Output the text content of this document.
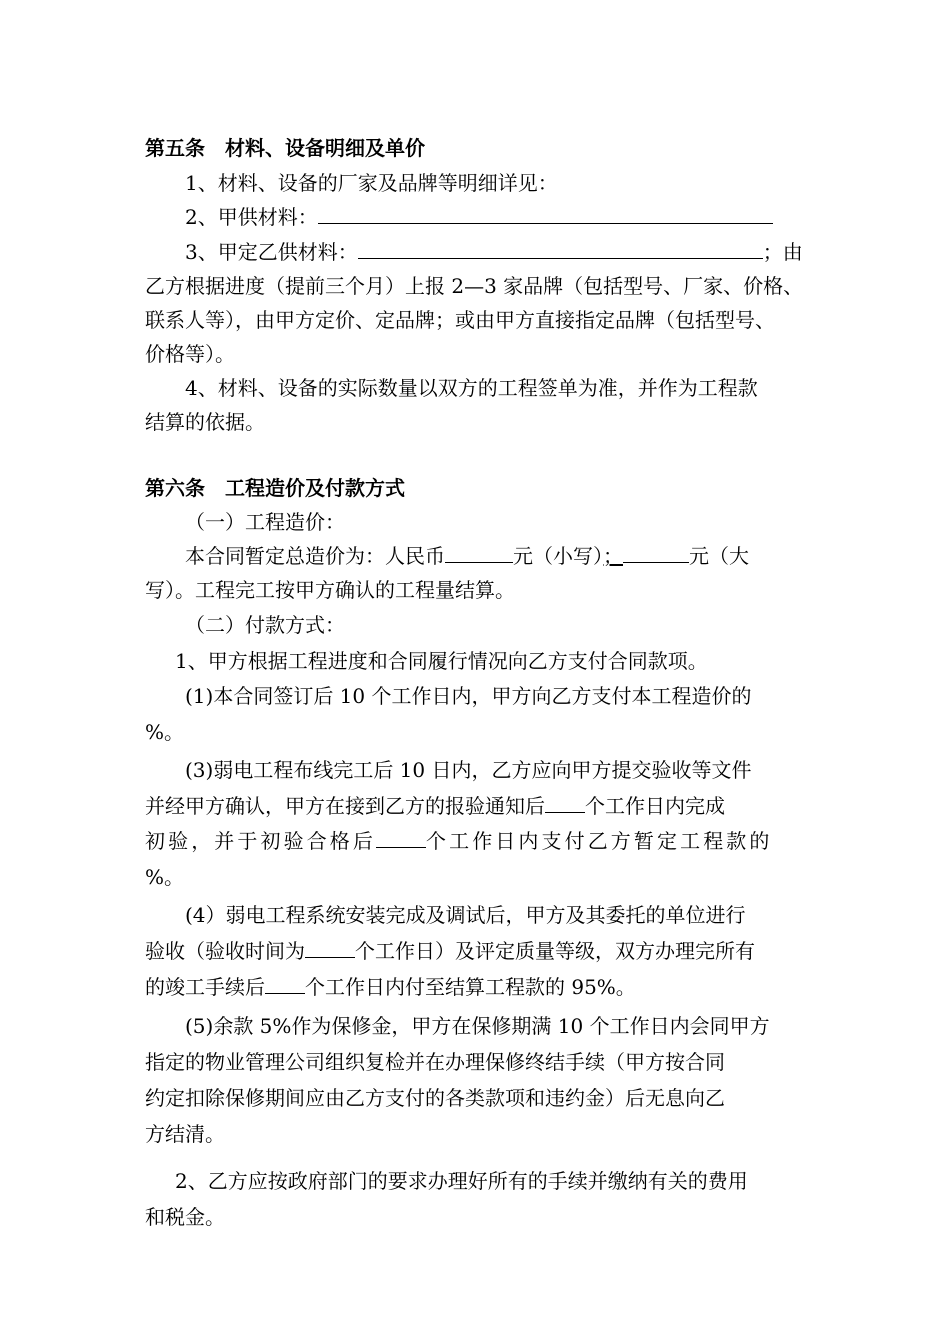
第五条　材料、设备明细及单价
1、材料、设备的厂家及品牌等明细详见：
2、甲供材料：
3、甲定乙供材料：	；由
乙方根据进度（提前三个月）上报 2—3 家品牌（包括型号、厂家、价格、
联系人等），由甲方定价、定品牌；或由甲方直接指定品牌（包括型号、
价格等）。
4、材料、设备的实际数量以双方的工程签单为准，并作为工程款
结算的依据。
第六条　工程造价及付款方式
（一）工程造价：
本合同暂定总造价为：人民币	元（小写）；	元（大
写）。工程完工按甲方确认的工程量结算。
（二）付款方式：
1、甲方根据工程进度和合同履行情况向乙方支付合同款项。
(1)本合同签订后 10 个工作日内，甲方向乙方支付本工程造价的
%。
(3)弱电工程布线完工后 10 日内，乙方应向甲方提交验收等文件
并经甲方确认，甲方在接到乙方的报验通知后 个工作日内完成
初验，并于初验合格后	个工作日内支付乙方暂定工程款的
%。
(4）弱电工程系统安装完成及调试后，甲方及其委托的单位进行
验收（验收时间为	个工作日）及评定质量等级，双方办理完所有
的竣工手续后 个工作日内付至结算工程款的 95%。
(5)余款 5%作为保修金，甲方在保修期满 10 个工作日内会同甲方
指定的物业管理公司组织复检并在办理保修终结手续（甲方按合同
约定扣除保修期间应由乙方支付的各类款项和违约金）后无息向乙
方结清。
2、乙方应按政府部门的要求办理好所有的手续并缴纳有关的费用
和税金。
